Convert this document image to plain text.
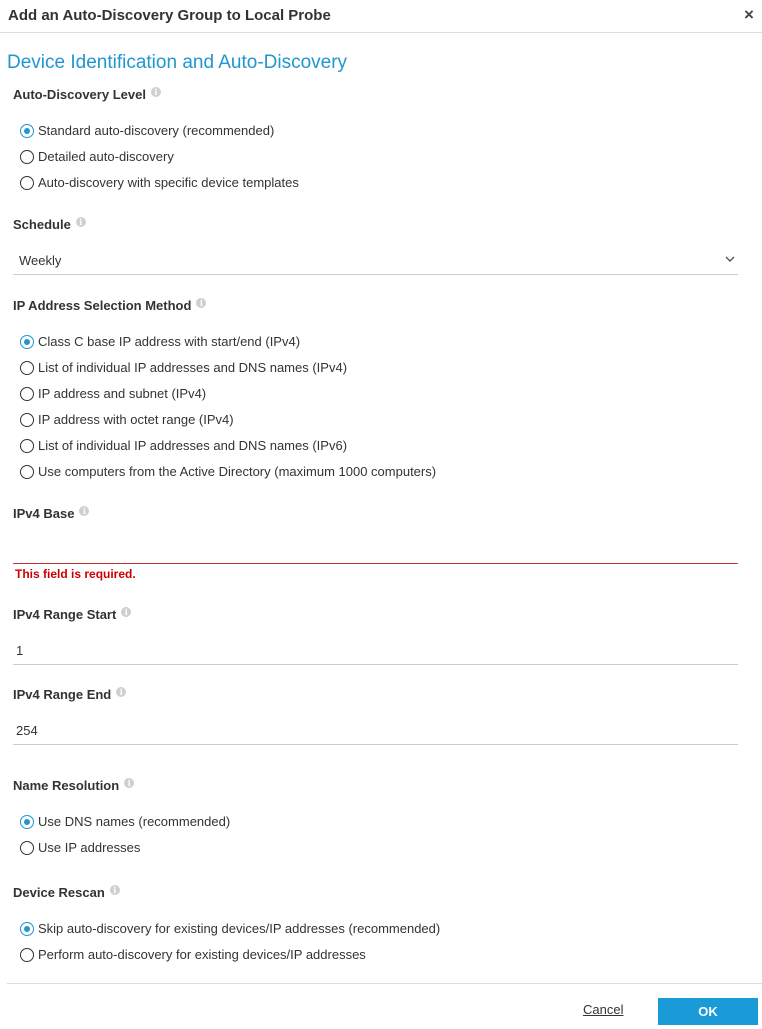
Add an Auto-Discovery Group to Local Probe	×
Device Identification and Auto-Discovery
Auto-Discovery Level	i
Standard auto-discovery (recommended)
Detailed auto-discovery
Auto-discovery with specific device templates
Schedule	i
Weekly
IP Address Selection Method	i
Class C base IP address with start/end (IPv4)
List of individual IP addresses and DNS names (IPv4)
IP address and subnet (IPv4)
IP address with octet range (IPv4)
List of individual IP addresses and DNS names (IPv6)
Use computers from the Active Directory (maximum 1000 computers)
IPv4 Base	i
This field is required.
IPv4 Range Start	i
1
IPv4 Range End	i
254
Name Resolution	i
Use DNS names (recommended)
Use IP addresses
Device Rescan	i
Skip auto-discovery for existing devices/IP addresses (recommended)
Perform auto-discovery for existing devices/IP addresses
Cancel	OK
